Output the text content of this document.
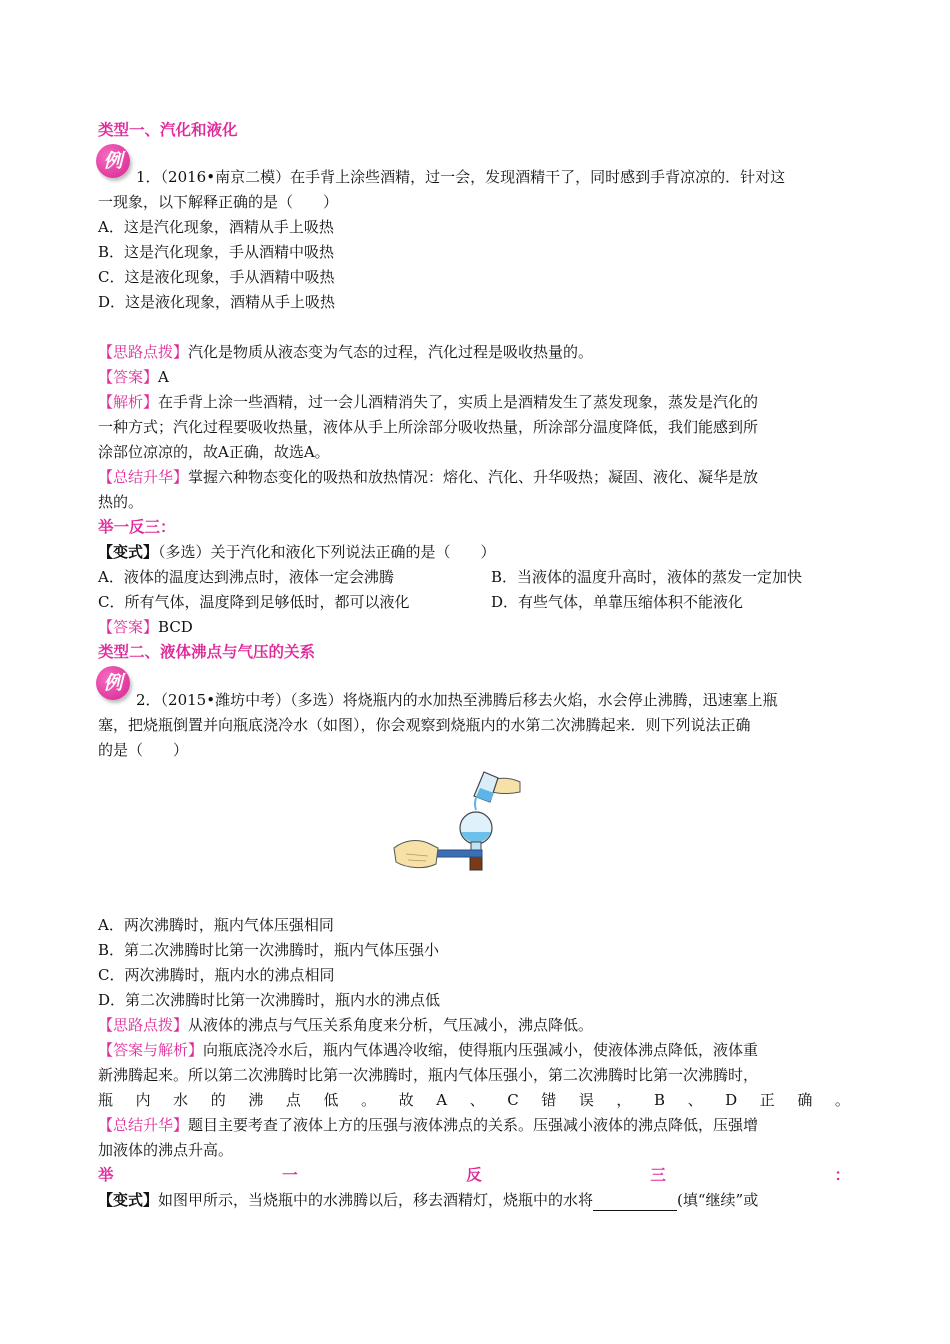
类型一、汽化和液化
例
1．（2016•南京二模）在手背上涂些酒精，过一会，发现酒精干了，同时感到手背凉凉的．针对这
一现象，以下解释正确的是（　　）
A．这是汽化现象，酒精从手上吸热
B．这是汽化现象，手从酒精中吸热
C．这是液化现象，手从酒精中吸热
D．这是液化现象，酒精从手上吸热
【思路点拨】汽化是物质从液态变为气态的过程，汽化过程是吸收热量的。
【答案】A
【解析】在手背上涂一些酒精，过一会儿酒精消失了，实质上是酒精发生了蒸发现象，蒸发是汽化的
一种方式；汽化过程要吸收热量，液体从手上所涂部分吸收热量，所涂部分温度降低，我们能感到所
涂部位凉凉的，故A正确，故选A。
【总结升华】掌握六种物态变化的吸热和放热情况：熔化、汽化、升华吸热；凝固、液化、凝华是放
热的。
举一反三：
【变式】（多选）关于汽化和液化下列说法正确的是（　　）
A．液体的温度达到沸点时，液体一定会沸腾	B．当液体的温度升高时，液体的蒸发一定加快
C．所有气体，温度降到足够低时，都可以液化	D．有些气体，单靠压缩体积不能液化
【答案】BCD
类型二、液体沸点与气压的关系
例
2．（2015•潍坊中考）（多选）将烧瓶内的水加热至沸腾后移去火焰，水会停止沸腾，迅速塞上瓶
塞，把烧瓶倒置并向瓶底浇冷水（如图），你会观察到烧瓶内的水第二次沸腾起来．则下列说法正确
的是（　　）
A．两次沸腾时，瓶内气体压强相同
B．第二次沸腾时比第一次沸腾时，瓶内气体压强小
C．两次沸腾时，瓶内水的沸点相同
D．第二次沸腾时比第一次沸腾时，瓶内水的沸点低
【思路点拨】从液体的沸点与气压关系角度来分析，气压减小，沸点降低。
【答案与解析】向瓶底浇冷水后，瓶内气体遇冷收缩，使得瓶内压强减小，使液体沸点降低，液体重
新沸腾起来。所以第二次沸腾时比第一次沸腾时，瓶内气体压强小，第二次沸腾时比第一次沸腾时，
瓶 内 水 的 沸 点 低 。 故 A 、 C 错 误 ， B 、 D 正 确 。
【总结升华】题目主要考查了液体上方的压强与液体沸点的关系。压强减小液体的沸点降低，压强增
加液体的沸点升高。
举	一	反	三	：
【变式】如图甲所示，当烧瓶中的水沸腾以后，移去酒精灯，烧瓶中的水将	(填“继续”或
